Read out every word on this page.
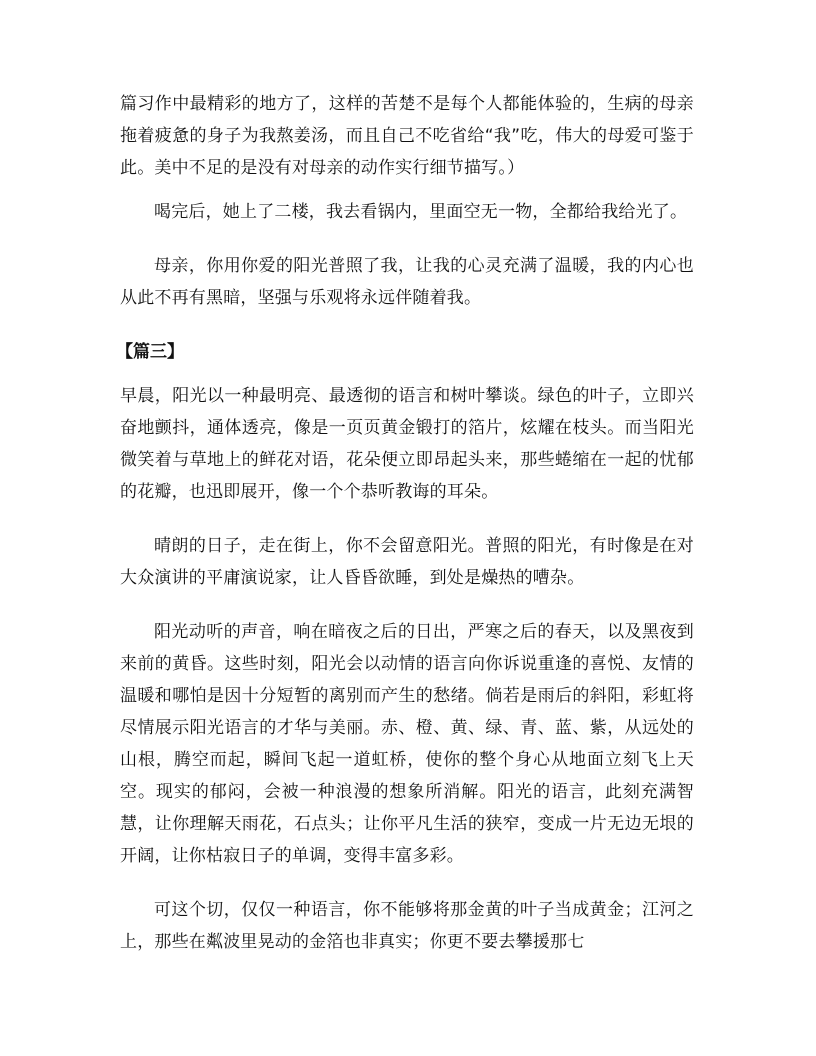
篇习作中最精彩的地方了，这样的苦楚不是每个人都能体验的，生病的母亲拖着疲惫的身子为我熬姜汤，而且自己不吃省给“我”吃，伟大的母爱可鉴于此。美中不足的是没有对母亲的动作实行细节描写。）

喝完后，她上了二楼，我去看锅内，里面空无一物，全都给我给光了。

母亲，你用你爱的阳光普照了我，让我的心灵充满了温暖，我的内心也从此不再有黑暗，坚强与乐观将永远伴随着我。

【篇三】

早晨，阳光以一种最明亮、最透彻的语言和树叶攀谈。绿色的叶子，立即兴奋地颤抖，通体透亮，像是一页页黄金锻打的箔片，炫耀在枝头。而当阳光微笑着与草地上的鲜花对语，花朵便立即昂起头来，那些蜷缩在一起的忧郁的花瓣，也迅即展开，像一个个恭听教诲的耳朵。

晴朗的日子，走在街上，你不会留意阳光。普照的阳光，有时像是在对大众演讲的平庸演说家，让人昏昏欲睡，到处是燥热的嘈杂。

阳光动听的声音，响在暗夜之后的日出，严寒之后的春天，以及黑夜到来前的黄昏。这些时刻，阳光会以动情的语言向你诉说重逢的喜悦、友情的温暖和哪怕是因十分短暂的离别而产生的愁绪。倘若是雨后的斜阳，彩虹将尽情展示阳光语言的才华与美丽。赤、橙、黄、绿、青、蓝、紫，从远处的山根，腾空而起，瞬间飞起一道虹桥，使你的整个身心从地面立刻飞上天空。现实的郁闷，会被一种浪漫的想象所消解。阳光的语言，此刻充满智慧，让你理解天雨花，石点头；让你平凡生活的狭窄，变成一片无边无垠的开阔，让你枯寂日子的单调，变得丰富多彩。

可这个切，仅仅一种语言，你不能够将那金黄的叶子当成黄金；江河之上，那些在粼波里晃动的金箔也非真实；你更不要去攀援那七
